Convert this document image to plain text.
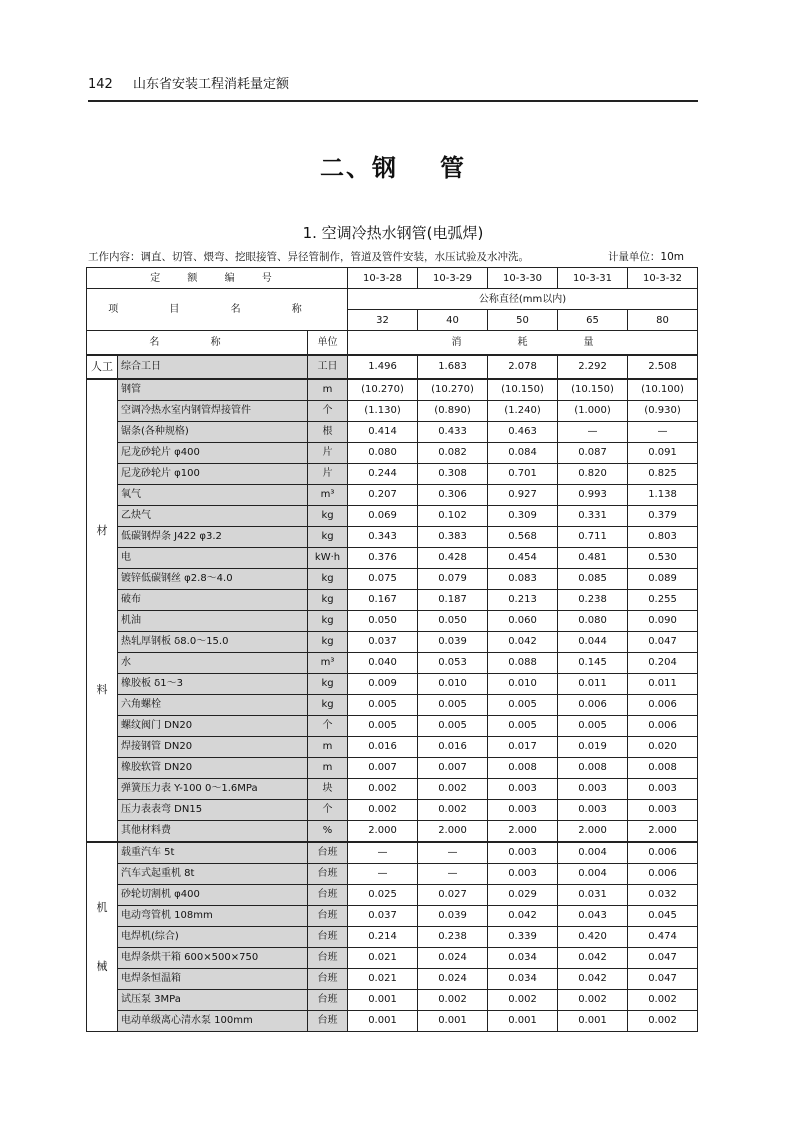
142 山东省安装工程消耗量定额
二、钢 管
1. 空调冷热水钢管(电弧焊)
工作内容：调直、切管、煨弯、挖眼接管、异径管制作，管道及管件安装，水压试验及水冲洗。	计量单位：10m
定 额 编 号			10-3-28	10-3-29	10-3-30	10-3-31	10-3-32
项 目 名 称			公称直径(mm以内)				
			32	40	50	65	80
名 称		单位	消 耗 量				
人工	综合工日	工日	1.496	1.683	2.078	2.292	2.508

材
料	钢管	m	(10.270)	(10.270)	(10.150)	(10.150)	(10.100)
	空调冷热水室内钢管焊接管件	个	(1.130)	(0.890)	(1.240)	(1.000)	(0.930)
	锯条(各种规格)	根	0.414	0.433	0.463	—	—
	尼龙砂轮片 φ400	片	0.080	0.082	0.084	0.087	0.091
	尼龙砂轮片 φ100	片	0.244	0.308	0.701	0.820	0.825
	氧气	m³	0.207	0.306	0.927	0.993	1.138
	乙炔气	kg	0.069	0.102	0.309	0.331	0.379
	低碳钢焊条 J422 φ3.2	kg	0.343	0.383	0.568	0.711	0.803
	电	kW·h	0.376	0.428	0.454	0.481	0.530
	镀锌低碳钢丝 φ2.8～4.0	kg	0.075	0.079	0.083	0.085	0.089
	破布	kg	0.167	0.187	0.213	0.238	0.255
	机油	kg	0.050	0.050	0.060	0.080	0.090
	热轧厚钢板 δ8.0～15.0	kg	0.037	0.039	0.042	0.044	0.047
	水	m³	0.040	0.053	0.088	0.145	0.204
	橡胶板 δ1～3	kg	0.009	0.010	0.010	0.011	0.011
	六角螺栓	kg	0.005	0.005	0.005	0.006	0.006
	螺纹阀门 DN20	个	0.005	0.005	0.005	0.005	0.006
	焊接钢管 DN20	m	0.016	0.016	0.017	0.019	0.020
	橡胶软管 DN20	m	0.007	0.007	0.008	0.008	0.008
	弹簧压力表 Y-100 0～1.6MPa	块	0.002	0.002	0.003	0.003	0.003
	压力表表弯 DN15	个	0.002	0.002	0.003	0.003	0.003
	其他材料费	%	2.000	2.000	2.000	2.000	2.000

机
械	载重汽车 5t	台班	—	—	0.003	0.004	0.006
	汽车式起重机 8t	台班	—	—	0.003	0.004	0.006
	砂轮切割机 φ400	台班	0.025	0.027	0.029	0.031	0.032
	电动弯管机 108mm	台班	0.037	0.039	0.042	0.043	0.045
	电焊机(综合)	台班	0.214	0.238	0.339	0.420	0.474
	电焊条烘干箱 600×500×750	台班	0.021	0.024	0.034	0.042	0.047
	电焊条恒温箱	台班	0.021	0.024	0.034	0.042	0.047
	试压泵 3MPa	台班	0.001	0.002	0.002	0.002	0.002
	电动单级离心清水泵 100mm	台班	0.001	0.001	0.001	0.001	0.002
